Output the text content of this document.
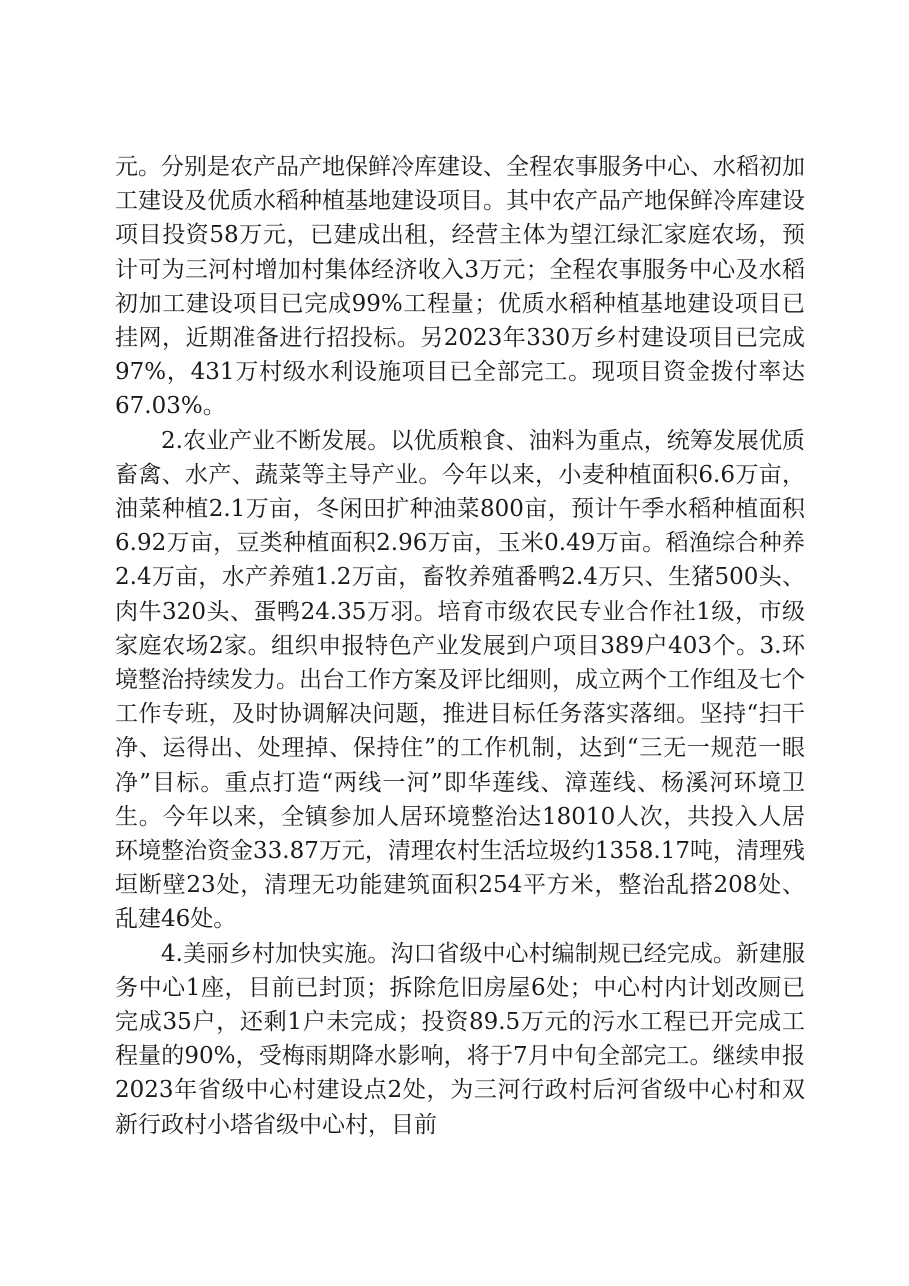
元。分别是农产品产地保鲜冷库建设、全程农事服务中心、水稻初加工建设及优质水稻种植基地建设项目。其中农产品产地保鲜冷库建设项目投资58万元，已建成出租，经营主体为望江绿汇家庭农场，预计可为三河村增加村集体经济收入3万元；全程农事服务中心及水稻初加工建设项目已完成99%工程量；优质水稻种植基地建设项目已挂网，近期准备进行招投标。另2023年330万乡村建设项目已完成97%，431万村级水利设施项目已全部完工。现项目资金拨付率达67.03%。

2.农业产业不断发展。以优质粮食、油料为重点，统筹发展优质畜禽、水产、蔬菜等主导产业。今年以来，小麦种植面积6.6万亩，油菜种植2.1万亩，冬闲田扩种油菜800亩，预计午季水稻种植面积6.92万亩，豆类种植面积2.96万亩，玉米0.49万亩。稻渔综合种养2.4万亩，水产养殖1.2万亩，畜牧养殖番鸭2.4万只、生猪500头、肉牛320头、蛋鸭24.35万羽。培育市级农民专业合作社1级，市级家庭农场2家。组织申报特色产业发展到户项目389户403个。3.环境整治持续发力。出台工作方案及评比细则，成立两个工作组及七个工作专班，及时协调解决问题，推进目标任务落实落细。坚持“扫干净、运得出、处理掉、保持住”的工作机制，达到“三无一规范一眼净”目标。重点打造“两线一河”即华莲线、漳莲线、杨溪河环境卫生。今年以来，全镇参加人居环境整治达18010人次，共投入人居环境整治资金33.87万元，清理农村生活垃圾约1358.17吨，清理残垣断壁23处，清理无功能建筑面积254平方米，整治乱搭208处、乱建46处。

4.美丽乡村加快实施。沟口省级中心村编制规已经完成。新建服务中心1座，目前已封顶；拆除危旧房屋6处；中心村内计划改厕已完成35户，还剩1户未完成；投资89.5万元的污水工程已开完成工程量的90%，受梅雨期降水影响，将于7月中旬全部完工。继续申报2023年省级中心村建设点2处，为三河行政村后河省级中心村和双新行政村小塔省级中心村，目前
